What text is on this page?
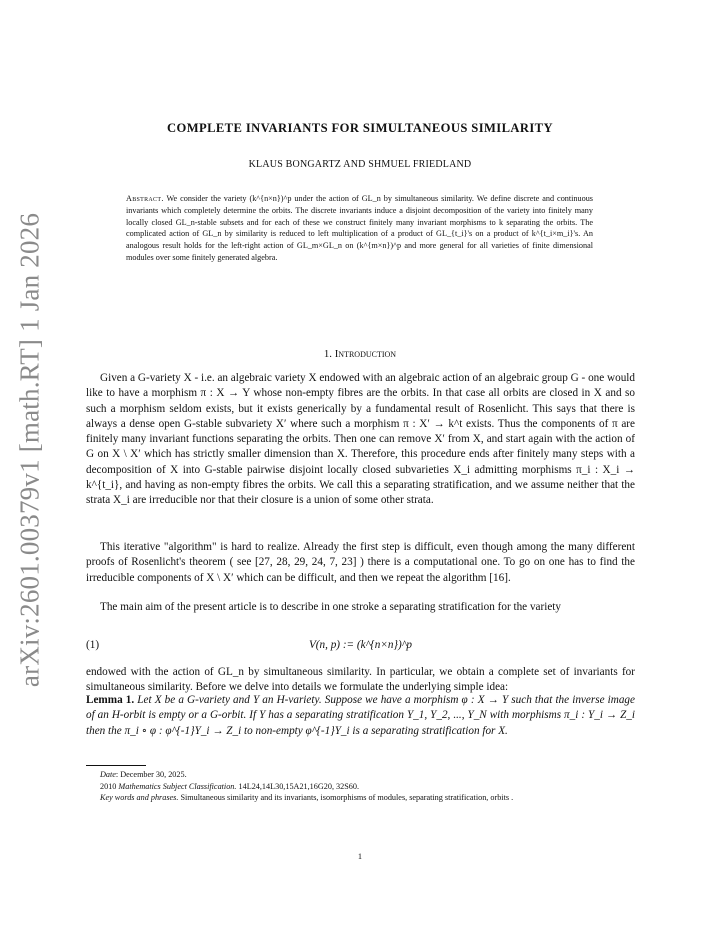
arXiv:2601.00379v1 [math.RT] 1 Jan 2026
COMPLETE INVARIANTS FOR SIMULTANEOUS SIMILARITY
KLAUS BONGARTZ AND SHMUEL FRIEDLAND
Abstract. We consider the variety (k^{n×n})^p under the action of GL_n by simultaneous similarity. We define discrete and continuous invariants which completely determine the orbits. The discrete invariants induce a disjoint decomposition of the variety into finitely many locally closed GL_n-stable subsets and for each of these we construct finitely many invariant morphisms to k separating the orbits. The complicated action of GL_n by similarity is reduced to left multiplication of a product of GL_{t_i}'s on a product of k^{t_i×m_i}'s. An analogous result holds for the left-right action of GL_m×GL_n on (k^{m×n})^p and more general for all varieties of finite dimensional modules over some finitely generated algebra.
1. Introduction

Given a G-variety X - i.e. an algebraic variety X endowed with an algebraic action of an algebraic group G - one would like to have a morphism π : X → Y whose non-empty fibres are the orbits. In that case all orbits are closed in X and so such a morphism seldom exists, but it exists generically by a fundamental result of Rosenlicht. This says that there is always a dense open G-stable subvariety X′ where such a morphism π : X′ → k^t exists. Thus the components of π are finitely many invariant functions separating the orbits. Then one can remove X′ from X, and start again with the action of G on X \ X′ which has strictly smaller dimension than X. Therefore, this procedure ends after finitely many steps with a decomposition of X into G-stable pairwise disjoint locally closed subvarieties X_i admitting morphisms π_i : X_i → k^{t_i}, and having as non-empty fibres the orbits. We call this a separating stratification, and we assume neither that the strata X_i are irreducible nor that their closure is a union of some other strata.

This iterative "algorithm" is hard to realize. Already the first step is difficult, even though among the many different proofs of Rosenlicht's theorem ( see [27, 28, 29, 24, 7, 23] ) there is a computational one. To go on one has to find the irreducible components of X \ X′ which can be difficult, and then we repeat the algorithm [16].

The main aim of the present article is to describe in one stroke a separating stratification for the variety

(1)	V(n, p) := (k^{n×n})^p

endowed with the action of GL_n by simultaneous similarity. In particular, we obtain a complete set of invariants for simultaneous similarity. Before we delve into details we formulate the underlying simple idea:

Lemma 1. Let X be a G-variety and Y an H-variety. Suppose we have a morphism φ : X → Y such that the inverse image of an H-orbit is empty or a G-orbit. If Y has a separating stratification Y_1, Y_2, ..., Y_N with morphisms π_i : Y_i → Z_i then the π_i ∘ φ : φ^{-1}Y_i → Z_i to non-empty φ^{-1}Y_i is a separating stratification for X.

Date: December 30, 2025.

2010 Mathematics Subject Classification. 14L24,14L30,15A21,16G20, 32S60.

Key words and phrases. Simultaneous similarity and its invariants, isomorphisms of modules, separating stratification, orbits .

1
